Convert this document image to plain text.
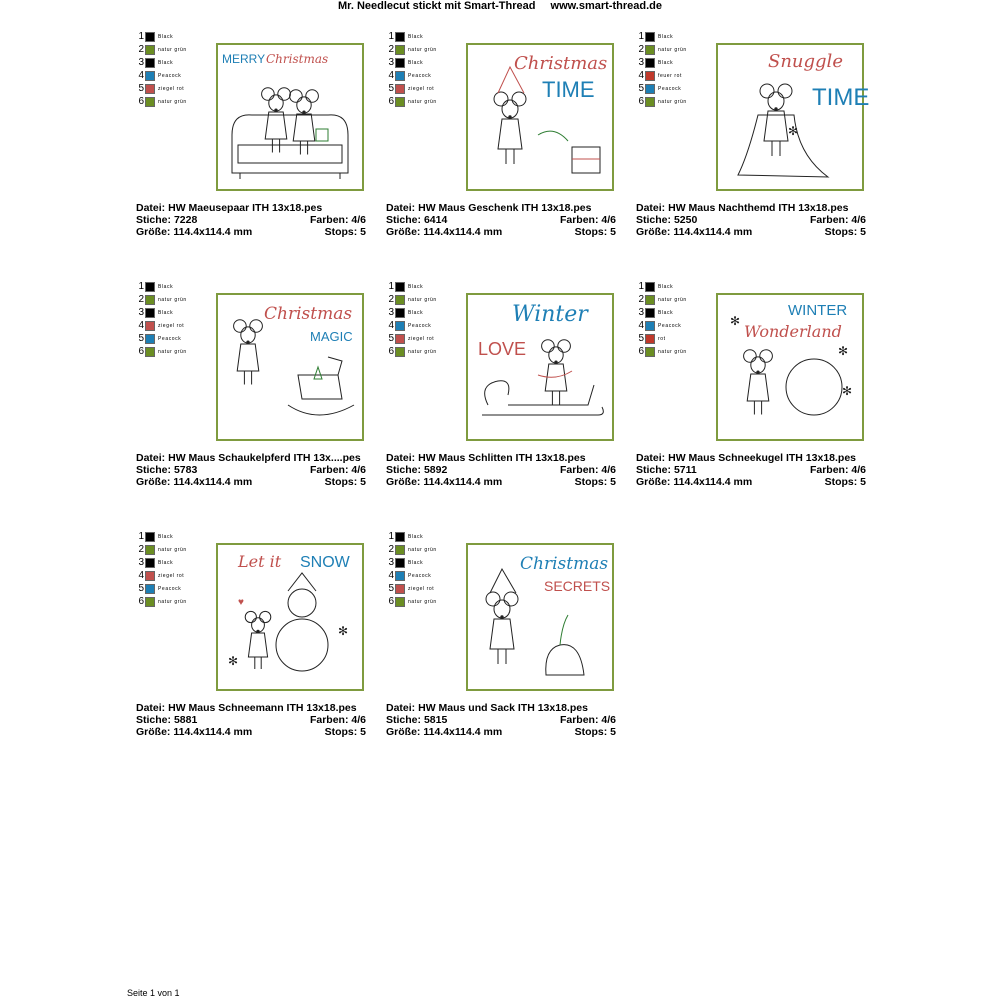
Mr. Needlecut stickt mit Smart-Thread www.smart-thread.de
1	Black
2	natur grün
3	Black
4	Peacock
5	ziegel rot
6	natur grün
MERRY Christmas
Datei: HW Maeusepaar ITH 13x18.pes
Stiche: 7228	Farben: 4/6
Größe: 114.4x114.4 mm	Stops: 5
1	Black
2	natur grün
3	Black
4	Peacock
5	ziegel rot
6	natur grün
Christmas
TIME
Datei: HW Maus Geschenk ITH 13x18.pes
Stiche: 6414	Farben: 4/6
Größe: 114.4x114.4 mm	Stops: 5
1	Black
2	natur grün
3	Black
4	feuer rot
5	Peacock
6	natur grün
Snuggle
TIME
✻
Datei: HW Maus Nachthemd ITH 13x18.pes
Stiche: 5250	Farben: 4/6
Größe: 114.4x114.4 mm	Stops: 5
1	Black
2	natur grün
3	Black
4	ziegel rot
5	Peacock
6	natur grün
Christmas
MAGIC
Datei: HW Maus Schaukelpferd ITH 13x....pes
Stiche: 5783	Farben: 4/6
Größe: 114.4x114.4 mm	Stops: 5
1	Black
2	natur grün
3	Black
4	Peacock
5	ziegel rot
6	natur grün
Winter
LOVE
Datei: HW Maus Schlitten ITH 13x18.pes
Stiche: 5892	Farben: 4/6
Größe: 114.4x114.4 mm	Stops: 5
1	Black
2	natur grün
3	Black
4	Peacock
5	rot
6	natur grün
WINTER
Wonderland
✻
✻
✻
Datei: HW Maus Schneekugel ITH 13x18.pes
Stiche: 5711	Farben: 4/6
Größe: 114.4x114.4 mm	Stops: 5
1	Black
2	natur grün
3	Black
4	ziegel rot
5	Peacock
6	natur grün
Let it SNOW
♥
✻
✻
Datei: HW Maus Schneemann ITH 13x18.pes
Stiche: 5881	Farben: 4/6
Größe: 114.4x114.4 mm	Stops: 5
1	Black
2	natur grün
3	Black
4	Peacock
5	ziegel rot
6	natur grün
Christmas
SECRETS
Datei: HW Maus und Sack ITH 13x18.pes
Stiche: 5815	Farben: 4/6
Größe: 114.4x114.4 mm	Stops: 5
Seite 1 von 1
